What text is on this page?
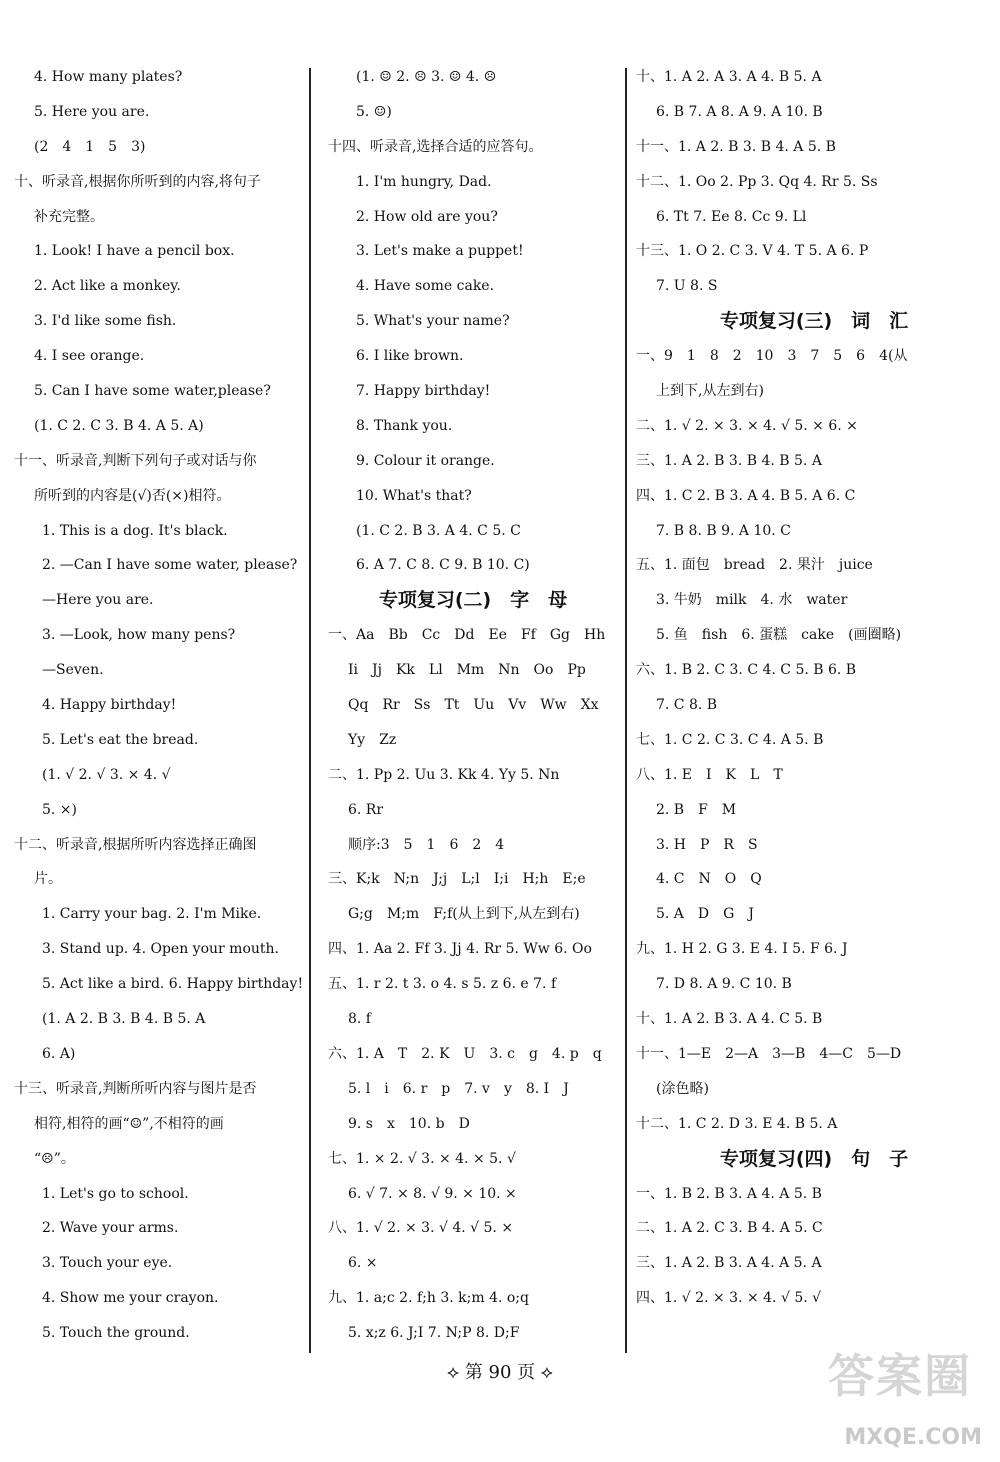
4. How many plates?
5. Here you are.
(2　4　1　5　3)
十、听录音,根据你所听到的内容,将句子
补充完整。
1. Look! I have a pencil box.
2. Act like a monkey.
3. I'd like some fish.
4. I see orange.
5. Can I have some water,please?
(1. C 2. C 3. B 4. A 5. A)
十一、听录音,判断下列句子或对话与你
所听到的内容是(√)否(×)相符。
1. This is a dog. It's black.
2. —Can I have some water, please?
—Here you are.
3. —Look, how many pens?
—Seven.
4. Happy birthday!
5. Let's eat the bread.
(1. √ 2. √ 3. × 4. √
5. ×)
十二、听录音,根据所听内容选择正确图
片。
1. Carry your bag. 2. I'm Mike.
3. Stand up. 4. Open your mouth.
5. Act like a bird. 6. Happy birthday!
(1. A 2. B 3. B 4. B 5. A
6. A)
十三、听录音,判断所听内容与图片是否
相符,相符的画“☺”,不相符的画
“☹”。
1. Let's go to school.
2. Wave your arms.
3. Touch your eye.
4. Show me your crayon.
5. Touch the ground.
(1. ☺ 2. ☹ 3. ☺ 4. ☹
5. ☺)
十四、听录音,选择合适的应答句。
1. I'm hungry, Dad.
2. How old are you?
3. Let's make a puppet!
4. Have some cake.
5. What's your name?
6. I like brown.
7. Happy birthday!
8. Thank you.
9. Colour it orange.
10. What's that?
(1. C 2. B 3. A 4. C 5. C
6. A 7. C 8. C 9. B 10. C)
专项复习(二)　字　母
一、Aa　Bb　Cc　Dd　Ee　Ff　Gg　Hh
Ii　Jj　Kk　Ll　Mm　Nn　Oo　Pp
Qq　Rr　Ss　Tt　Uu　Vv　Ww　Xx
Yy　Zz
二、1. Pp 2. Uu 3. Kk 4. Yy 5. Nn
6. Rr
顺序:3　5　1　6　2　4
三、K;k　N;n　J;j　L;l　I;i　H;h　E;e
G;g　M;m　F;f(从上到下,从左到右)
四、1. Aa 2. Ff 3. Jj 4. Rr 5. Ww 6. Oo
五、1. r 2. t 3. o 4. s 5. z 6. e 7. f
8. f
六、1. A　T　2. K　U　3. c　g　4. p　q
5. l　i　6. r　p　7. v　y　8. I　J
9. s　x　10. b　D
七、1. × 2. √ 3. × 4. × 5. √
6. √ 7. × 8. √ 9. × 10. ×
八、1. √ 2. × 3. √ 4. √ 5. ×
6. ×
九、1. a;c 2. f;h 3. k;m 4. o;q
5. x;z 6. J;I 7. N;P 8. D;F
十、1. A 2. A 3. A 4. B 5. A
6. B 7. A 8. A 9. A 10. B
十一、1. A 2. B 3. B 4. A 5. B
十二、1. Oo 2. Pp 3. Qq 4. Rr 5. Ss
6. Tt 7. Ee 8. Cc 9. Ll
十三、1. O 2. C 3. V 4. T 5. A 6. P
7. U 8. S
专项复习(三)　词　汇
一、9　1　8　2　10　3　7　5　6　4(从
上到下,从左到右)
二、1. √ 2. × 3. × 4. √ 5. × 6. ×
三、1. A 2. B 3. B 4. B 5. A
四、1. C 2. B 3. A 4. B 5. A 6. C
7. B 8. B 9. A 10. C
五、1. 面包　bread　2. 果汁　juice
3. 牛奶　milk　4. 水　water
5. 鱼　fish　6. 蛋糕　cake　(画圈略)
六、1. B 2. C 3. C 4. C 5. B 6. B
7. C 8. B
七、1. C 2. C 3. C 4. A 5. B
八、1. E　I　K　L　T
2. B　F　M
3. H　P　R　S
4. C　N　O　Q
5. A　D　G　J
九、1. H 2. G 3. E 4. I 5. F 6. J
7. D 8. A 9. C 10. B
十、1. A 2. B 3. A 4. C 5. B
十一、1—E　2—A　3—B　4—C　5—D
(涂色略)
十二、1. C 2. D 3. E 4. B 5. A
专项复习(四)　句　子
一、1. B 2. B 3. A 4. A 5. B
二、1. A 2. C 3. B 4. A 5. C
三、1. A 2. B 3. A 4. A 5. A
四、1. √ 2. × 3. × 4. √ 5. √
⟡ 第 90 页 ⟡	答案圈
MXQE.COM
